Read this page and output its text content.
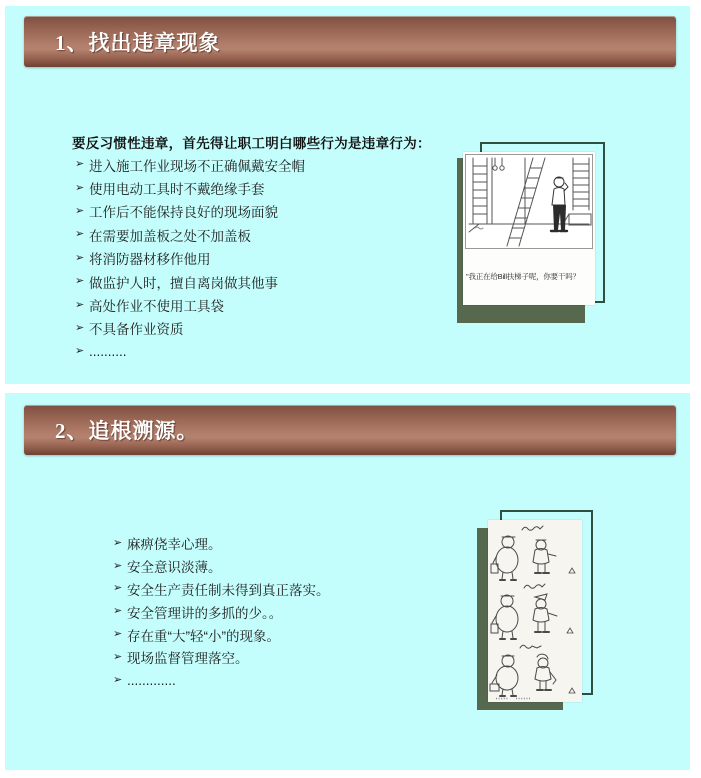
1、找出违章现象

要反习惯性违章，首先得让职工明白哪些行为是违章行为：

➢ 进入施工作业现场不正确佩戴安全帽
➢ 使用电动工具时不戴绝缘手套
➢ 工作后不能保持良好的现场面貌
➢ 在需要加盖板之处不加盖板
➢ 将消防器材移作他用
➢ 做监护人时，擅自离岗做其他事
➢ 高处作业不使用工具袋
➢ 不具备作业资质
➢ ..........
"我正在给Bill扶梯子呢，你要干吗？
2、追根溯源。
➢ 麻痹侥幸心理。
➢ 安全意识淡薄。
➢ 安全生产责任制未得到真正落实。
➢ 安全管理讲的多抓的少。。
➢ 存在重“大”轻“小”的现象。
➢ 现场监督管理落空。
➢ .............
